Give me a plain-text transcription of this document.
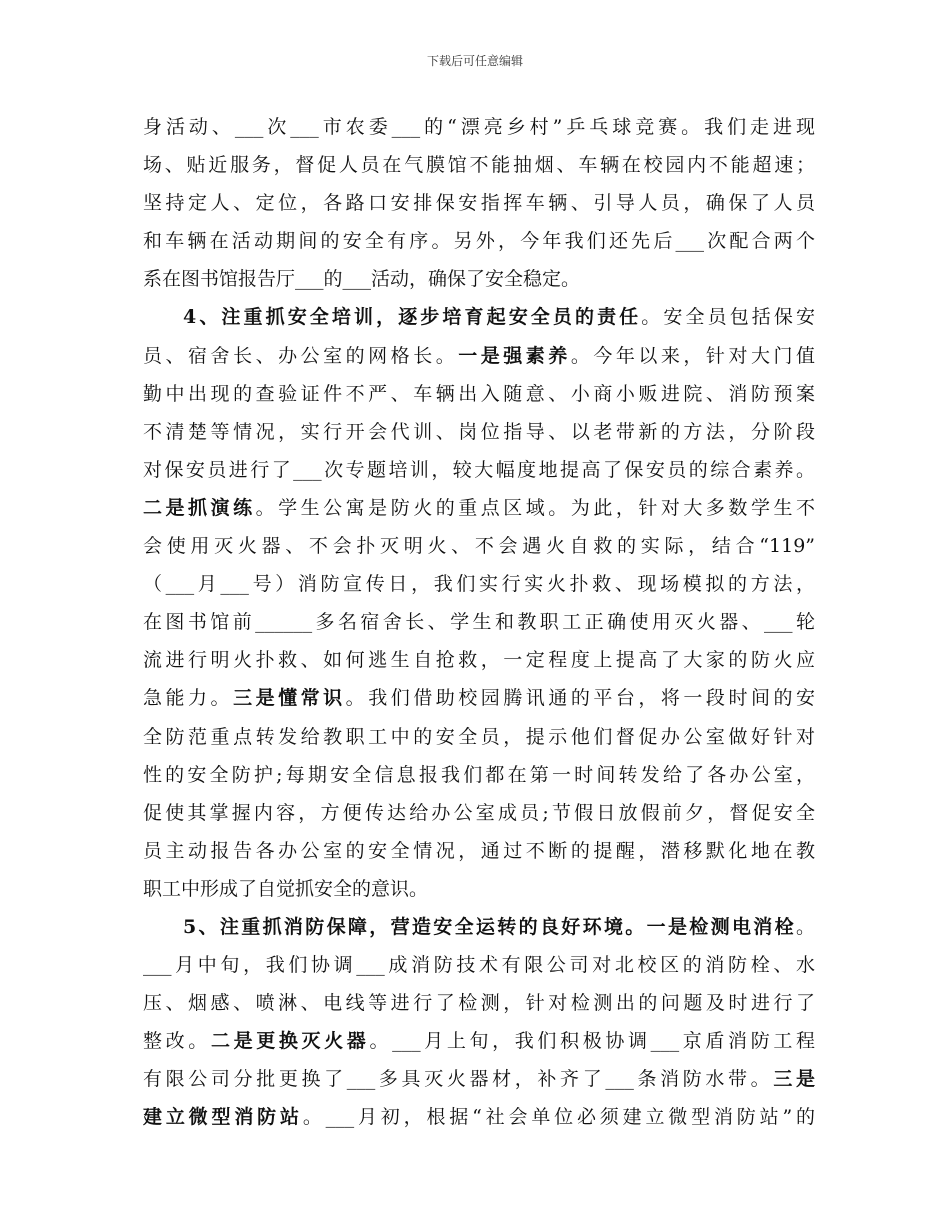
下载后可任意编辑
身活动、___次___市农委___的“漂亮乡村”乒乓球竞赛。我们走进现
场、贴近服务，督促人员在气膜馆不能抽烟、车辆在校园内不能超速；
坚持定人、定位，各路口安排保安指挥车辆、引导人员，确保了人员
和车辆在活动期间的安全有序。另外，今年我们还先后___次配合两个
系在图书馆报告厅___的___活动，确保了安全稳定。
4、注重抓安全培训，逐步培育起安全员的责任。安全员包括保安
员、宿舍长、办公室的网格长。一是强素养。今年以来，针对大门值
勤中出现的查验证件不严、车辆出入随意、小商小贩进院、消防预案
不清楚等情况，实行开会代训、岗位指导、以老带新的方法，分阶段
对保安员进行了___次专题培训，较大幅度地提高了保安员的综合素养。
二是抓演练。学生公寓是防火的重点区域。为此，针对大多数学生不
会使用灭火器、不会扑灭明火、不会遇火自救的实际，结合“119”
（___月___号）消防宣传日，我们实行实火扑救、现场模拟的方法，
在图书馆前______多名宿舍长、学生和教职工正确使用灭火器、___轮
流进行明火扑救、如何逃生自抢救，一定程度上提高了大家的防火应
急能力。三是懂常识。我们借助校园腾讯通的平台，将一段时间的安
全防范重点转发给教职工中的安全员，提示他们督促办公室做好针对
性的安全防护;每期安全信息报我们都在第一时间转发给了各办公室，
促使其掌握内容，方便传达给办公室成员;节假日放假前夕，督促安全
员主动报告各办公室的安全情况，通过不断的提醒，潜移默化地在教
职工中形成了自觉抓安全的意识。
5、注重抓消防保障，营造安全运转的良好环境。一是检测电消栓。
___月中旬，我们协调___成消防技术有限公司对北校区的消防栓、水
压、烟感、喷淋、电线等进行了检测，针对检测出的问题及时进行了
整改。二是更换灭火器。___月上旬，我们积极协调___京盾消防工程
有限公司分批更换了___多具灭火器材，补齐了___条消防水带。三是
建立微型消防站。___月初，根据“社会单位必须建立微型消防站”的
